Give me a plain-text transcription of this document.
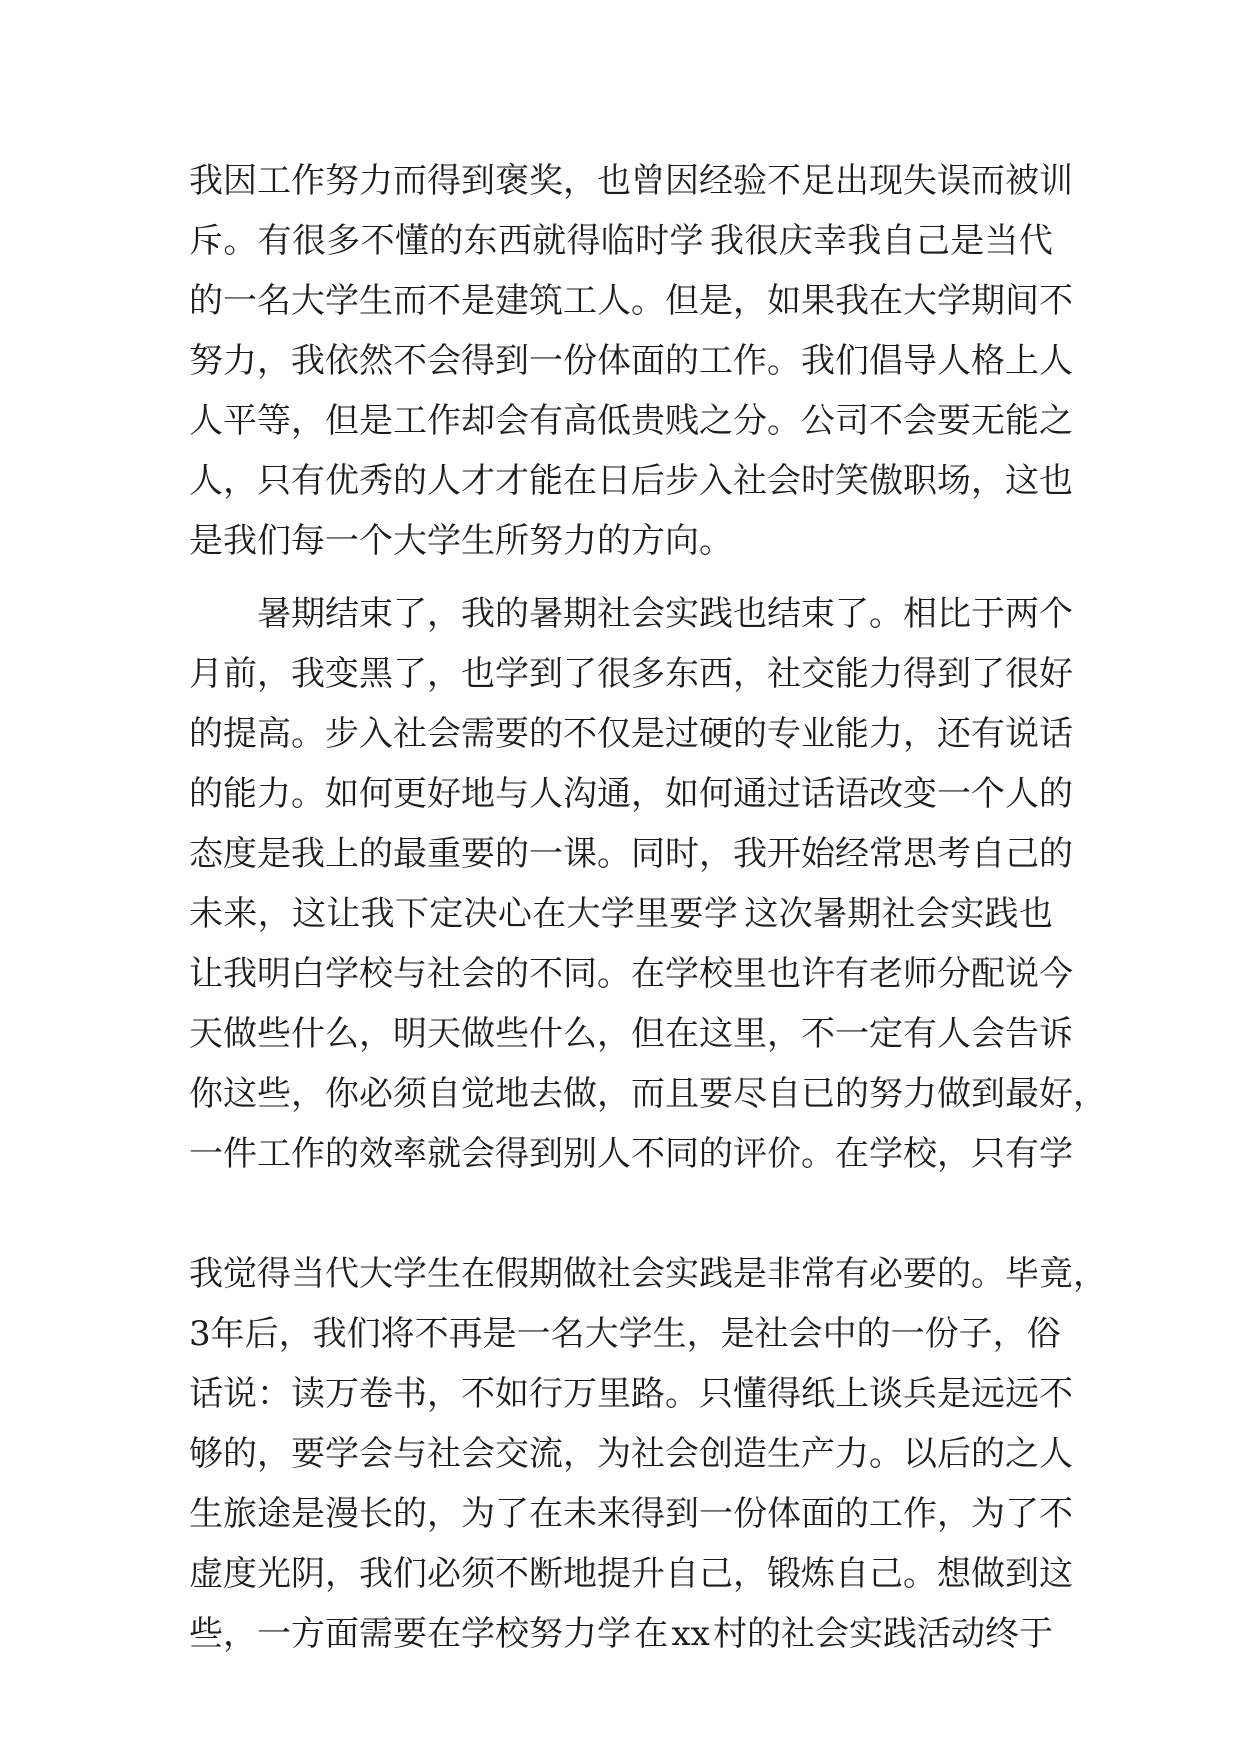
我 因 工 作 努 力 而 得 到 褒 奖 ， 也 曾 因 经 验 不 足 出 现 失 误 而 被 训
斥 。 有 很 多 不 懂 的 东 西 就 得 临 时 学 我 很 庆 幸 我 自 己 是 当 代
的 一 名 大 学 生 而 不 是 建 筑 工 人 。 但 是 ， 如 果 我 在 大 学 期 间 不
努 力 ， 我 依 然 不 会 得 到 一 份 体 面 的 工 作 。 我 们 倡 导 人 格 上 人
人 平 等 ， 但 是 工 作 却 会 有 高 低 贵 贱 之 分 。 公 司 不 会 要 无 能 之
人 ， 只 有 优 秀 的 人 才 才 能 在 日 后 步 入 社 会 时 笑 傲 职 场 ， 这 也
是 我 们 每 一 个 大 学 生 所 努 力 的 方 向 。
暑 期 结 束 了 ， 我 的 暑 期 社 会 实 践 也 结 束 了 。 相 比 于 两 个
月 前 ， 我 变 黑 了 ， 也 学 到 了 很 多 东 西 ， 社 交 能 力 得 到 了 很 好
的 提 高 。 步 入 社 会 需 要 的 不 仅 是 过 硬 的 专 业 能 力 ， 还 有 说 话
的 能 力 。 如 何 更 好 地 与 人 沟 通 ， 如 何 通 过 话 语 改 变 一 个 人 的
态 度 是 我 上 的 最 重 要 的 一 课 。 同 时 ， 我 开 始 经 常 思 考 自 己 的
未 来 ， 这 让 我 下 定 决 心 在 大 学 里 要 学 这 次 暑 期 社 会 实 践 也
让 我 明 白 学 校 与 社 会 的 不 同 。 在 学 校 里 也 许 有 老 师 分 配 说 今
天 做 些 什 么 ， 明 天 做 些 什 么 ， 但 在 这 里 ， 不 一 定 有 人 会 告 诉
你 这 些 ， 你 必 须 自 觉 地 去 做 ， 而 且 要 尽 自 已 的 努 力 做 到 最 好 ，
一 件 工 作 的 效 率 就 会 得 到 别 人 不 同 的 评 价 。 在 学 校 ， 只 有 学
我 觉 得 当 代 大 学 生 在 假 期 做 社 会 实 践 是 非 常 有 必 要 的 。 毕 竟 ，
3 年 后 ， 我 们 将 不 再 是 一 名 大 学 生 ， 是 社 会 中 的 一 份 子 ， 俗
话 说 ： 读 万 卷 书 ， 不 如 行 万 里 路 。 只 懂 得 纸 上 谈 兵 是 远 远 不
够 的 ， 要 学 会 与 社 会 交 流 ， 为 社 会 创 造 生 产 力 。 以 后 的 之 人
生 旅 途 是 漫 长 的 ， 为 了 在 未 来 得 到 一 份 体 面 的 工 作 ， 为 了 不
虚 度 光 阴 ， 我 们 必 须 不 断 地 提 升 自 己 ， 锻 炼 自 己 。 想 做 到 这
些 ， 一 方 面 需 要 在 学 校 努 力 学 在 xx 村 的 社 会 实 践 活 动 终 于
